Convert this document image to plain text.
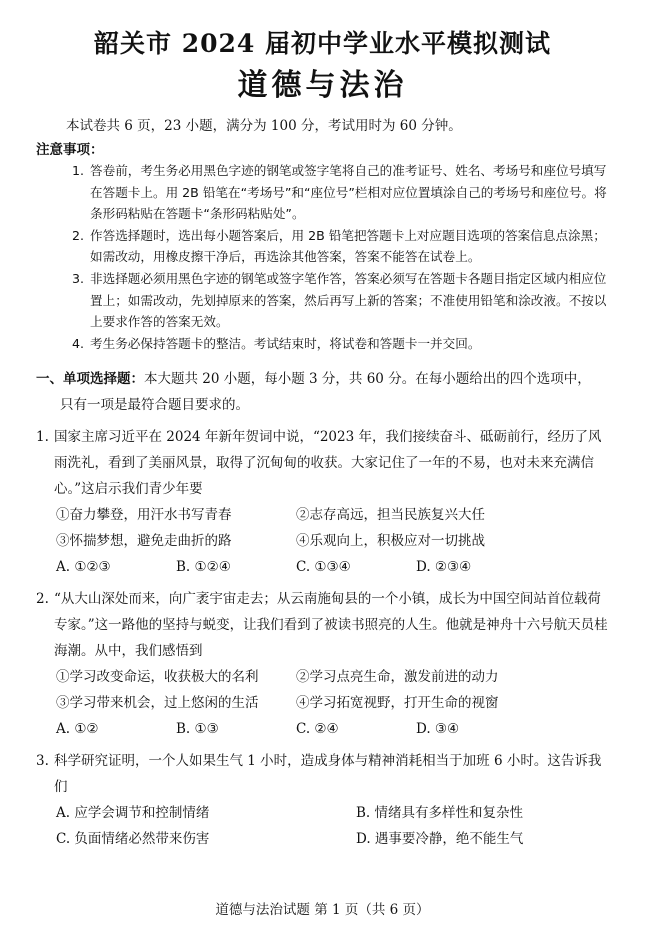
韶关市 2024 届初中学业水平模拟测试
道德与法治
本试卷共 6 页，23 小题，满分为 100 分，考试用时为 60 分钟。
注意事项：
1. 答卷前，考生务必用黑色字迹的钢笔或签字笔将自己的准考证号、姓名、考场号和座位号填写在答题卡上。用 2B 铅笔在“考场号”和“座位号”栏相对应位置填涂自己的考场号和座位号。将条形码粘贴在答题卡“条形码粘贴处”。
2. 作答选择题时，选出每小题答案后，用 2B 铅笔把答题卡上对应题目选项的答案信息点涂黑；如需改动，用橡皮擦干净后，再选涂其他答案，答案不能答在试卷上。
3. 非选择题必须用黑色字迹的钢笔或签字笔作答，答案必须写在答题卡各题目指定区域内相应位置上；如需改动，先划掉原来的答案，然后再写上新的答案；不准使用铅笔和涂改液。不按以上要求作答的答案无效。
4. 考生务必保持答题卡的整洁。考试结束时，将试卷和答题卡一并交回。
一、单项选择题：本大题共 20 小题，每小题 3 分，共 60 分。在每小题给出的四个选项中，
只有一项是最符合题目要求的。
1. 国家主席习近平在 2024 年新年贺词中说，“2023 年，我们接续奋斗、砥砺前行，经历了风雨洗礼，看到了美丽风景，取得了沉甸甸的收获。大家记住了一年的不易，也对未来充满信心。”这启示我们青少年要
①奋力攀登，用汗水书写青春	②志存高远，担当民族复兴大任
③怀揣梦想，避免走曲折的路	④乐观向上，积极应对一切挑战
A. ①②③	B. ①②④	C. ①③④	D. ②③④
2. “从大山深处而来，向广袤宇宙走去；从云南施甸县的一个小镇，成长为中国空间站首位载荷专家。”这一路他的坚持与蜕变，让我们看到了被读书照亮的人生。他就是神舟十六号航天员桂海潮。从中，我们感悟到
①学习改变命运，收获极大的名利	②学习点亮生命，激发前进的动力
③学习带来机会，过上悠闲的生活	④学习拓宽视野，打开生命的视窗
A. ①②	B. ①③	C. ②④	D. ③④
3. 科学研究证明，一个人如果生气 1 小时，造成身体与精神消耗相当于加班 6 小时。这告诉我们
A. 应学会调节和控制情绪	B. 情绪具有多样性和复杂性
C. 负面情绪必然带来伤害	D. 遇事要冷静，绝不能生气
道德与法治试题 第 1 页（共 6 页）
